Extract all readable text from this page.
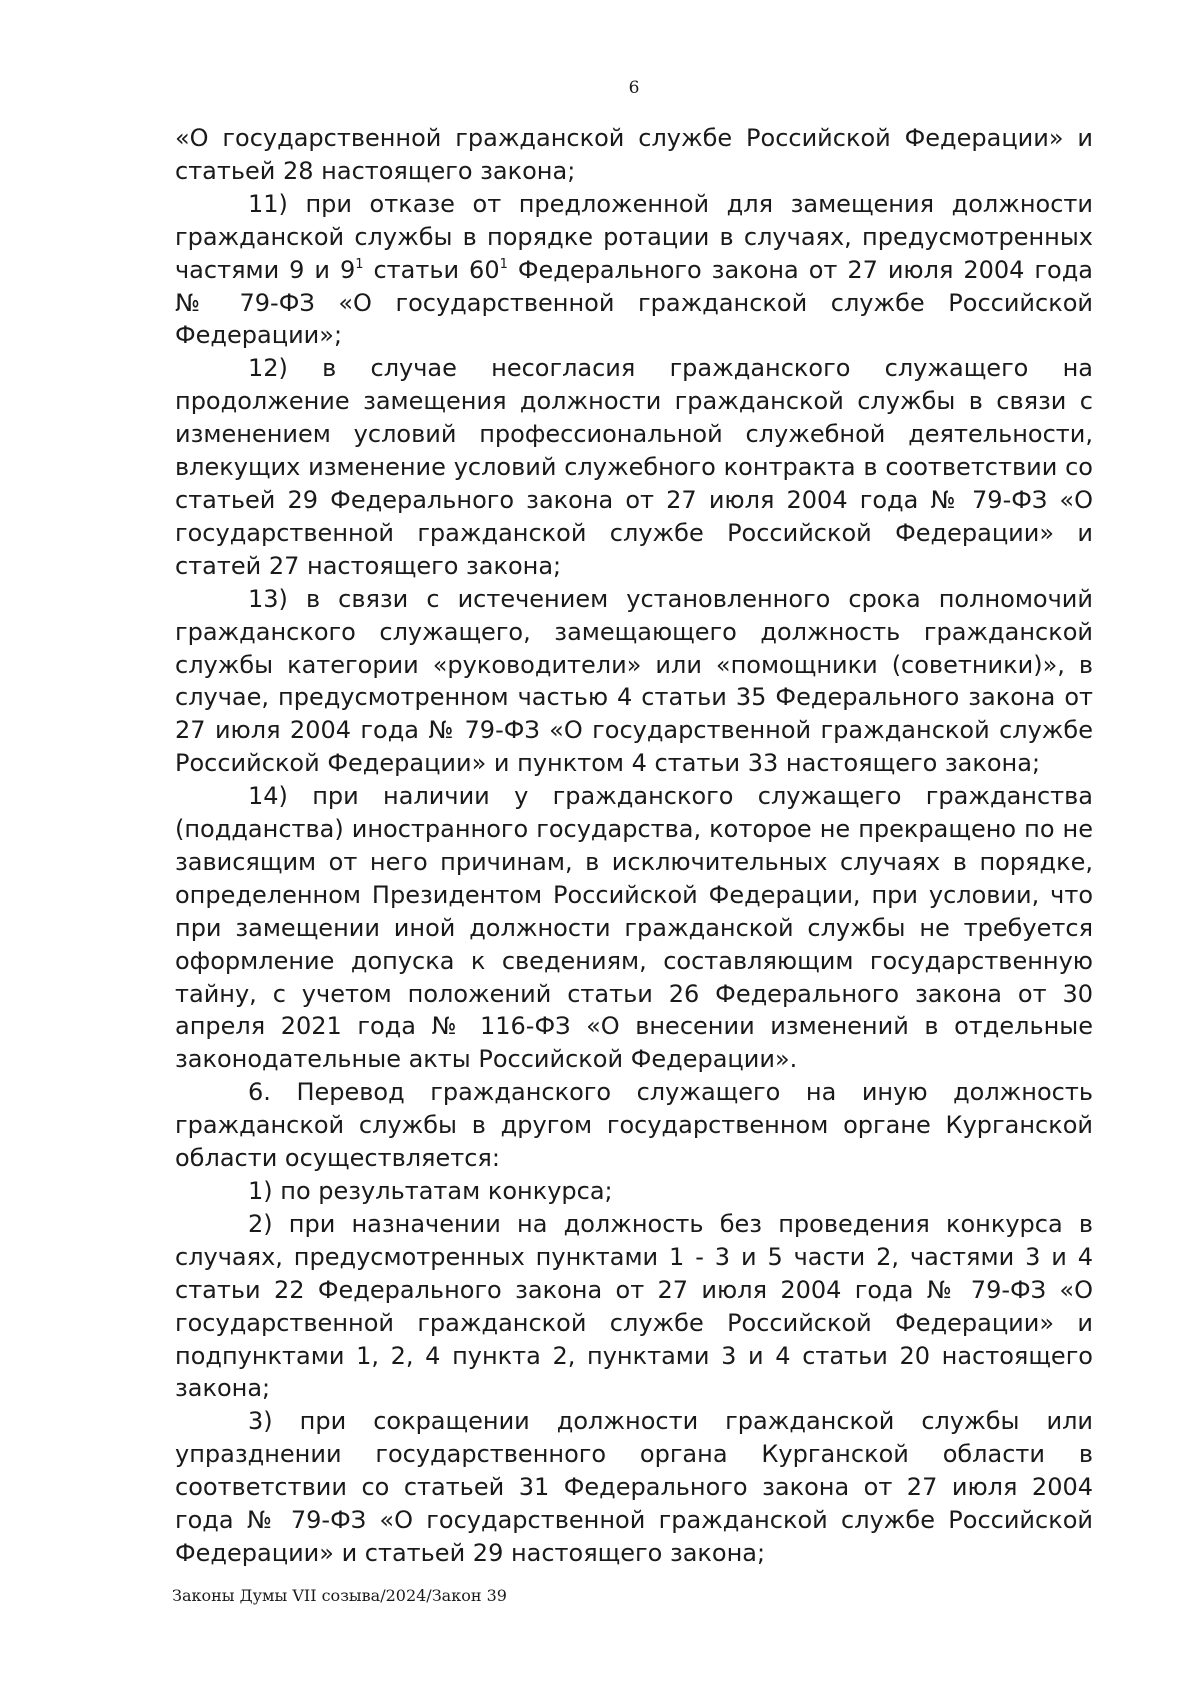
6

«О государственной гражданской службе Российской Федерации» и статьей 28 настоящего закона;

11) при отказе от предложенной для замещения должности гражданской службы в порядке ротации в случаях, предусмотренных частями 9 и $9^1$ статьи $60^1$ Федерального закона от 27 июля 2004 года № 79-ФЗ «О государственной гражданской службе Российской Федерации»;

12) в случае несогласия гражданского служащего на продолжение замещения должности гражданской службы в связи с изменением условий профессиональной служебной деятельности, влекущих изменение условий служебного контракта в соответствии со статьей 29 Федерального закона от 27 июля 2004 года № 79-ФЗ «О государственной гражданской службе Российской Федерации» и статей 27 настоящего закона;

13) в связи с истечением установленного срока полномочий гражданского служащего, замещающего должность гражданской службы категории «руководители» или «помощники (советники)», в случае, предусмотренном частью 4 статьи 35 Федерального закона от 27 июля 2004 года № 79-ФЗ «О государственной гражданской службе Российской Федерации» и пунктом 4 статьи 33 настоящего закона;

14) при наличии у гражданского служащего гражданства (подданства) иностранного государства, которое не прекращено по не зависящим от него причинам, в исключительных случаях в порядке, определенном Президентом Российской Федерации, при условии, что при замещении иной должности гражданской службы не требуется оформление допуска к сведениям, составляющим государственную тайну, с учетом положений статьи 26 Федерального закона от 30 апреля 2021 года № 116-ФЗ «О внесении изменений в отдельные законодательные акты Российской Федерации».

6. Перевод гражданского служащего на иную должность гражданской службы в другом государственном органе Курганской области осуществляется:

1) по результатам конкурса;

2) при назначении на должность без проведения конкурса в случаях, предусмотренных пунктами 1 - 3 и 5 части 2, частями 3 и 4 статьи 22 Федерального закона от 27 июля 2004 года № 79-ФЗ «О государственной гражданской службе Российской Федерации» и подпунктами 1, 2, 4 пункта 2, пунктами 3 и 4 статьи 20 настоящего закона;

3) при сокращении должности гражданской службы или упразднении государственного органа Курганской области в соответствии со статьей 31 Федерального закона от 27 июля 2004 года № 79-ФЗ «О государственной гражданской службе Российской Федерации» и статьей 29 настоящего закона;

Законы Думы VII созыва/2024/Закон 39
